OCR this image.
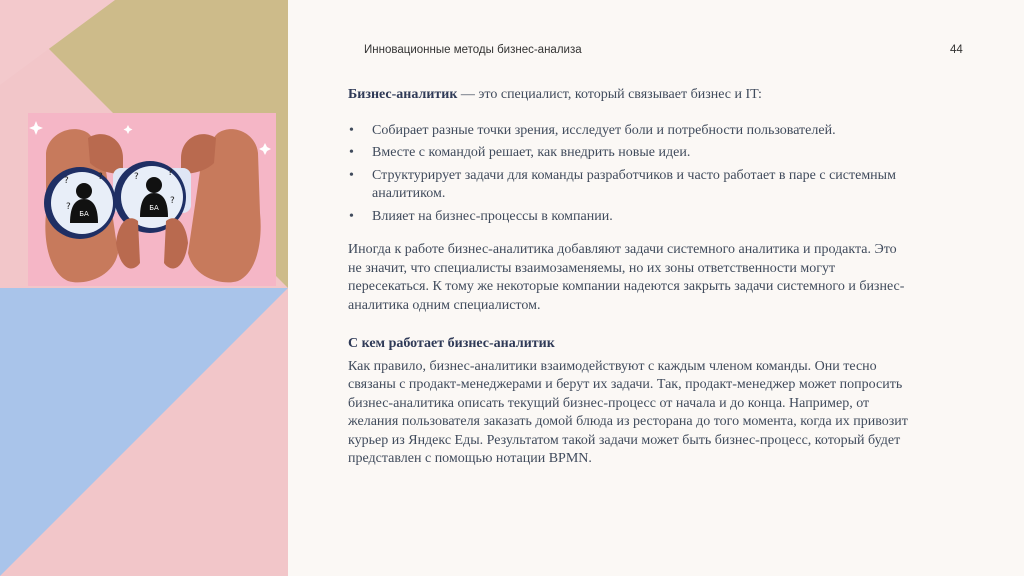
БА
БА
?	?
?
?	?
?
Инновационные методы бизнес-анализа	44

Бизнес-аналитик — это специалист, который связывает бизнес и IT:

• Собирает разные точки зрения, исследует боли и потребности пользователей.
• Вместе с командой решает, как внедрить новые идеи.
• Структурирует задачи для команды разработчиков и часто работает в паре с системным аналитиком.
• Влияет на бизнес-процессы в компании.

Иногда к работе бизнес-аналитика добавляют задачи системного аналитика и продакта. Это не значит, что специалисты взаимозаменяемы, но их зоны ответственности могут пересекаться. К тому же некоторые компании надеются закрыть задачи системного и бизнес-аналитика одним специалистом.

С кем работает бизнес-аналитик

Как правило, бизнес-аналитики взаимодействуют с каждым членом команды. Они тесно связаны с продакт-менеджерами и берут их задачи. Так, продакт-менеджер может попросить бизнес-аналитика описать текущий бизнес-процесс от начала и до конца. Например, от желания пользователя заказать домой блюда из ресторана до того момента, когда их привозит курьер из Яндекс Еды. Результатом такой задачи может быть бизнес-процесс, который будет представлен с помощью нотации BPMN.
